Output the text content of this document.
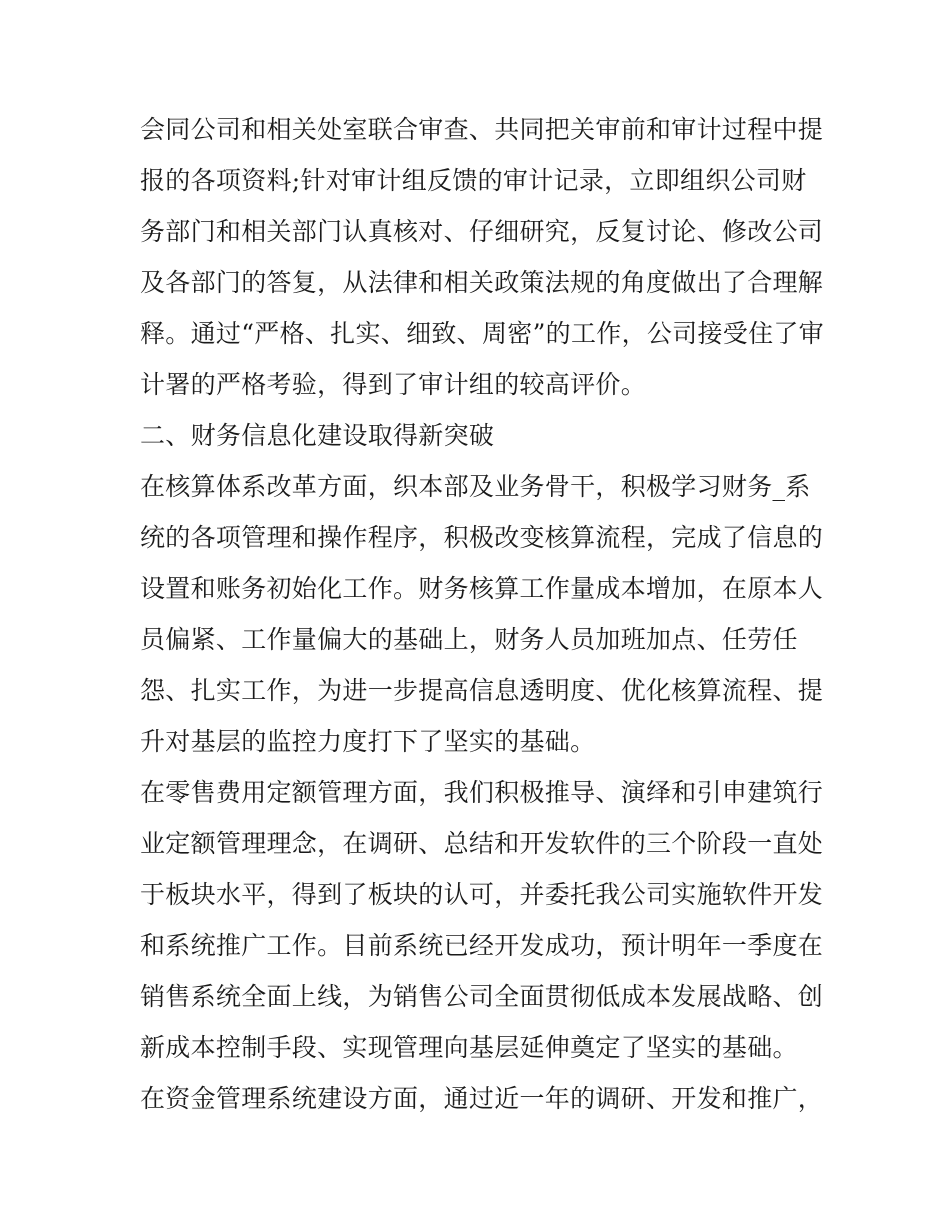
会同公司和相关处室联合审查、共同把关审前和审计过程中提
报的各项资料;针对审计组反馈的审计记录，立即组织公司财
务部门和相关部门认真核对、仔细研究，反复讨论、修改公司
及各部门的答复，从法律和相关政策法规的角度做出了合理解
释。通过“严格、扎实、细致、周密”的工作，公司接受住了审
计署的严格考验，得到了审计组的较高评价。
二、财务信息化建设取得新突破
在核算体系改革方面，织本部及业务骨干，积极学习财务_系
统的各项管理和操作程序，积极改变核算流程，完成了信息的
设置和账务初始化工作。财务核算工作量成本增加，在原本人
员偏紧、工作量偏大的基础上，财务人员加班加点、任劳任
怨、扎实工作，为进一步提高信息透明度、优化核算流程、提
升对基层的监控力度打下了坚实的基础。
在零售费用定额管理方面，我们积极推导、演绎和引申建筑行
业定额管理理念，在调研、总结和开发软件的三个阶段一直处
于板块水平，得到了板块的认可，并委托我公司实施软件开发
和系统推广工作。目前系统已经开发成功，预计明年一季度在
销售系统全面上线，为销售公司全面贯彻低成本发展战略、创
新成本控制手段、实现管理向基层延伸奠定了坚实的基础。
在资金管理系统建设方面，通过近一年的调研、开发和推广，
